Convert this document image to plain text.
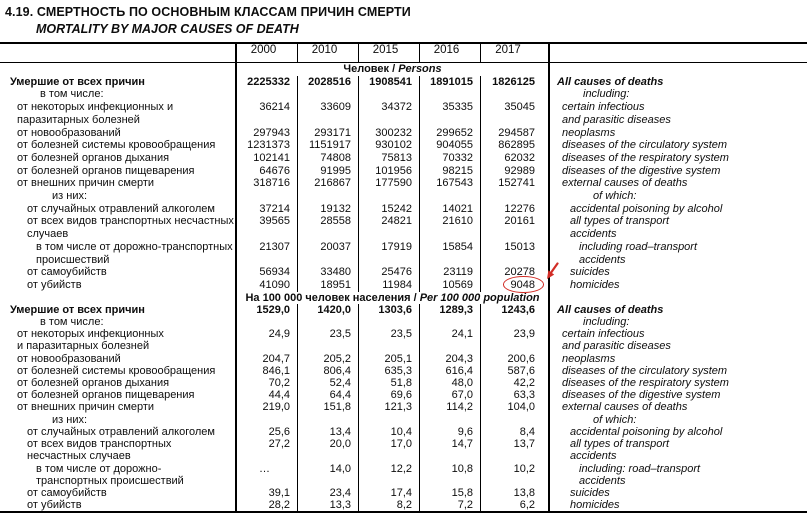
4.19. СМЕРТНОСТЬ ПО ОСНОВНЫМ КЛАССАМ ПРИЧИН СМЕРТИ
MORTALITY BY MAJOR CAUSES OF DEATH
2000	2010	2015	2016	2017
Человек / Persons
Умершие от всех причин	2225332	2028516	1908541	1891015	1826125	All causes of deaths
в том числе:	including:
от некоторых инфекционных и
паразитарных болезней
36214	33609	34372	35335	35045	certain infectious
and parasitic diseases
от новообразований	297943	293171	300232	299652	294587	neoplasms
от болезней системы кровообращения	1231373	1151917	930102	904055	862895	diseases of the circulatory system
от болезней органов дыхания	102141	74808	75813	70332	62032	diseases of the respiratory system
от болезней органов пищеварения	64676	91995	101956	98215	92989	diseases of the digestive system
от внешних причин смерти	318716	216867	177590	167543	152741	external causes of deaths
из них:	of which:
от случайных отравлений алкоголем	37214	19132	15242	14021	12276	accidental poisoning by alcohol
от всех видов транспортных несчастных
случаев
39565	28558	24821	21610	20161	all types of transport
accidents
в том числе от дорожно-транспортных
происшествий
21307	20037	17919	15854	15013	including road–transport
accidents
от самоубийств	56934	33480	25476	23119	20278	suicides
от убийств	41090	18951	11984	10569	9048	homicides
На 100 000 человек населения / Per 100 000 population
Умершие от всех причин	1529,0	1420,0	1303,6	1289,3	1243,6	All causes of deaths
в том числе:	including:
от некоторых инфекционных
и паразитарных болезней
24,9	23,5	23,5	24,1	23,9	certain infectious
and parasitic diseases
от новообразований	204,7	205,2	205,1	204,3	200,6	neoplasms
от болезней системы кровообращения	846,1	806,4	635,3	616,4	587,6	diseases of the circulatory system
от болезней органов дыхания	70,2	52,4	51,8	48,0	42,2	diseases of the respiratory system
от болезней органов пищеварения	44,4	64,4	69,6	67,0	63,3	diseases of the digestive system
от внешних причин смерти	219,0	151,8	121,3	114,2	104,0	external causes of deaths
из них:	of which:
от случайных отравлений алкоголем	25,6	13,4	10,4	9,6	8,4	accidental poisoning by alcohol
от всех видов транспортных
несчастных случаев
27,2	20,0	17,0	14,7	13,7	all types of transport
accidents
в том числе от дорожно-
транспортных происшествий
…	14,0	12,2	10,8	10,2	including: road–transport
accidents
от самоубийств	39,1	23,4	17,4	15,8	13,8	suicides
от убийств	28,2	13,3	8,2	7,2	6,2	homicides
